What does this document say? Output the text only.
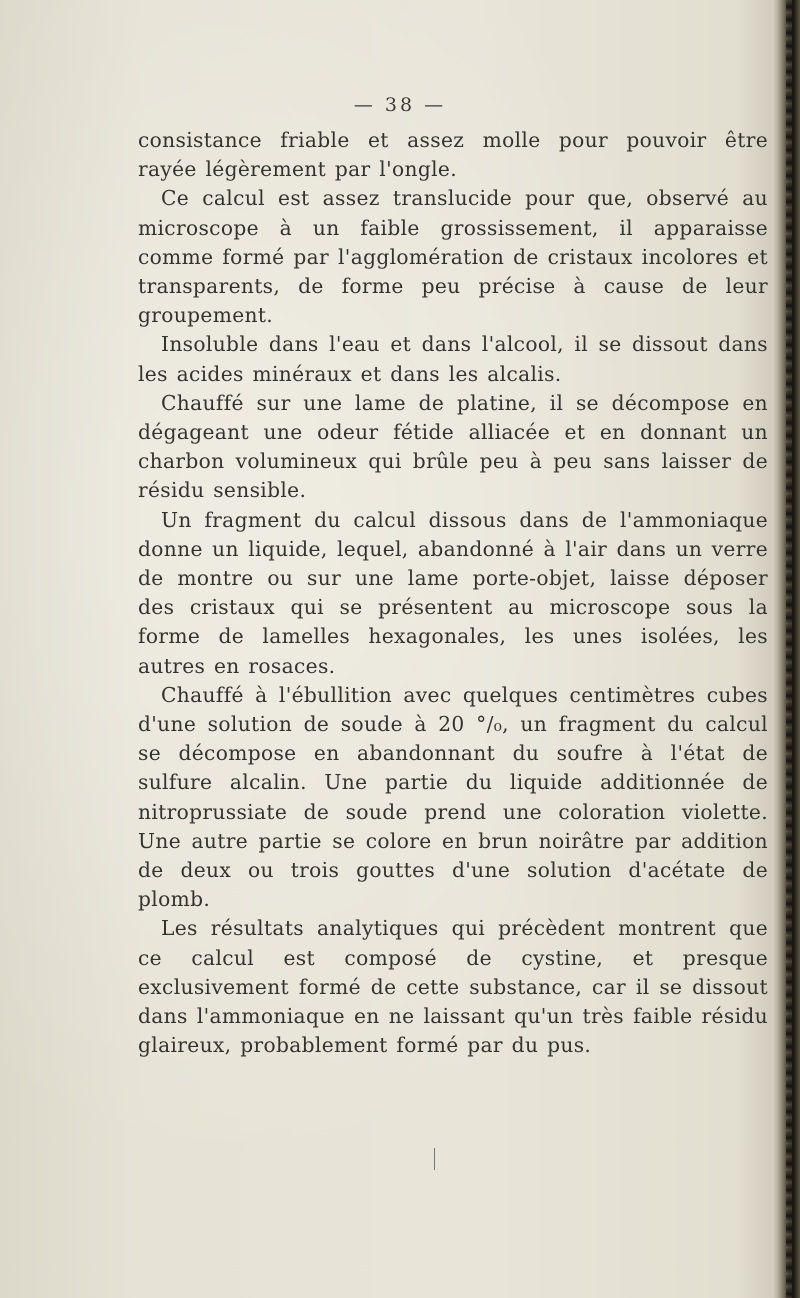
— 38 —

consistance friable et assez molle pour pouvoir être rayée légèrement par l'ongle.

Ce calcul est assez translucide pour que, observé au microscope à un faible grossissement, il apparaisse comme formé par l'agglomération de cristaux incolores et transparents, de forme peu précise à cause de leur groupement.

Insoluble dans l'eau et dans l'alcool, il se dissout dans les acides minéraux et dans les alcalis.

Chauffé sur une lame de platine, il se décompose en dégageant une odeur fétide alliacée et en donnant un charbon volumineux qui brûle peu à peu sans laisser de résidu sensible.

Un fragment du calcul dissous dans de l'ammoniaque donne un liquide, lequel, abandonné à l'air dans un verre de montre ou sur une lame porte-objet, laisse déposer des cristaux qui se présentent au microscope sous la forme de lamelles hexagonales, les unes isolées, les autres en rosaces.

Chauffé à l'ébullition avec quelques centimètres cubes d'une solution de soude à 20 °/₀, un fragment du calcul se décompose en abandonnant du soufre à l'état de sulfure alcalin. Une partie du liquide additionnée de nitroprussiate de soude prend une coloration violette. Une autre partie se colore en brun noirâtre par addition de deux ou trois gouttes d'une solution d'acétate de plomb.

Les résultats analytiques qui précèdent montrent que ce calcul est composé de cystine, et presque exclusivement formé de cette substance, car il se dissout dans l'ammoniaque en ne laissant qu'un très faible résidu glaireux, probablement formé par du pus.
